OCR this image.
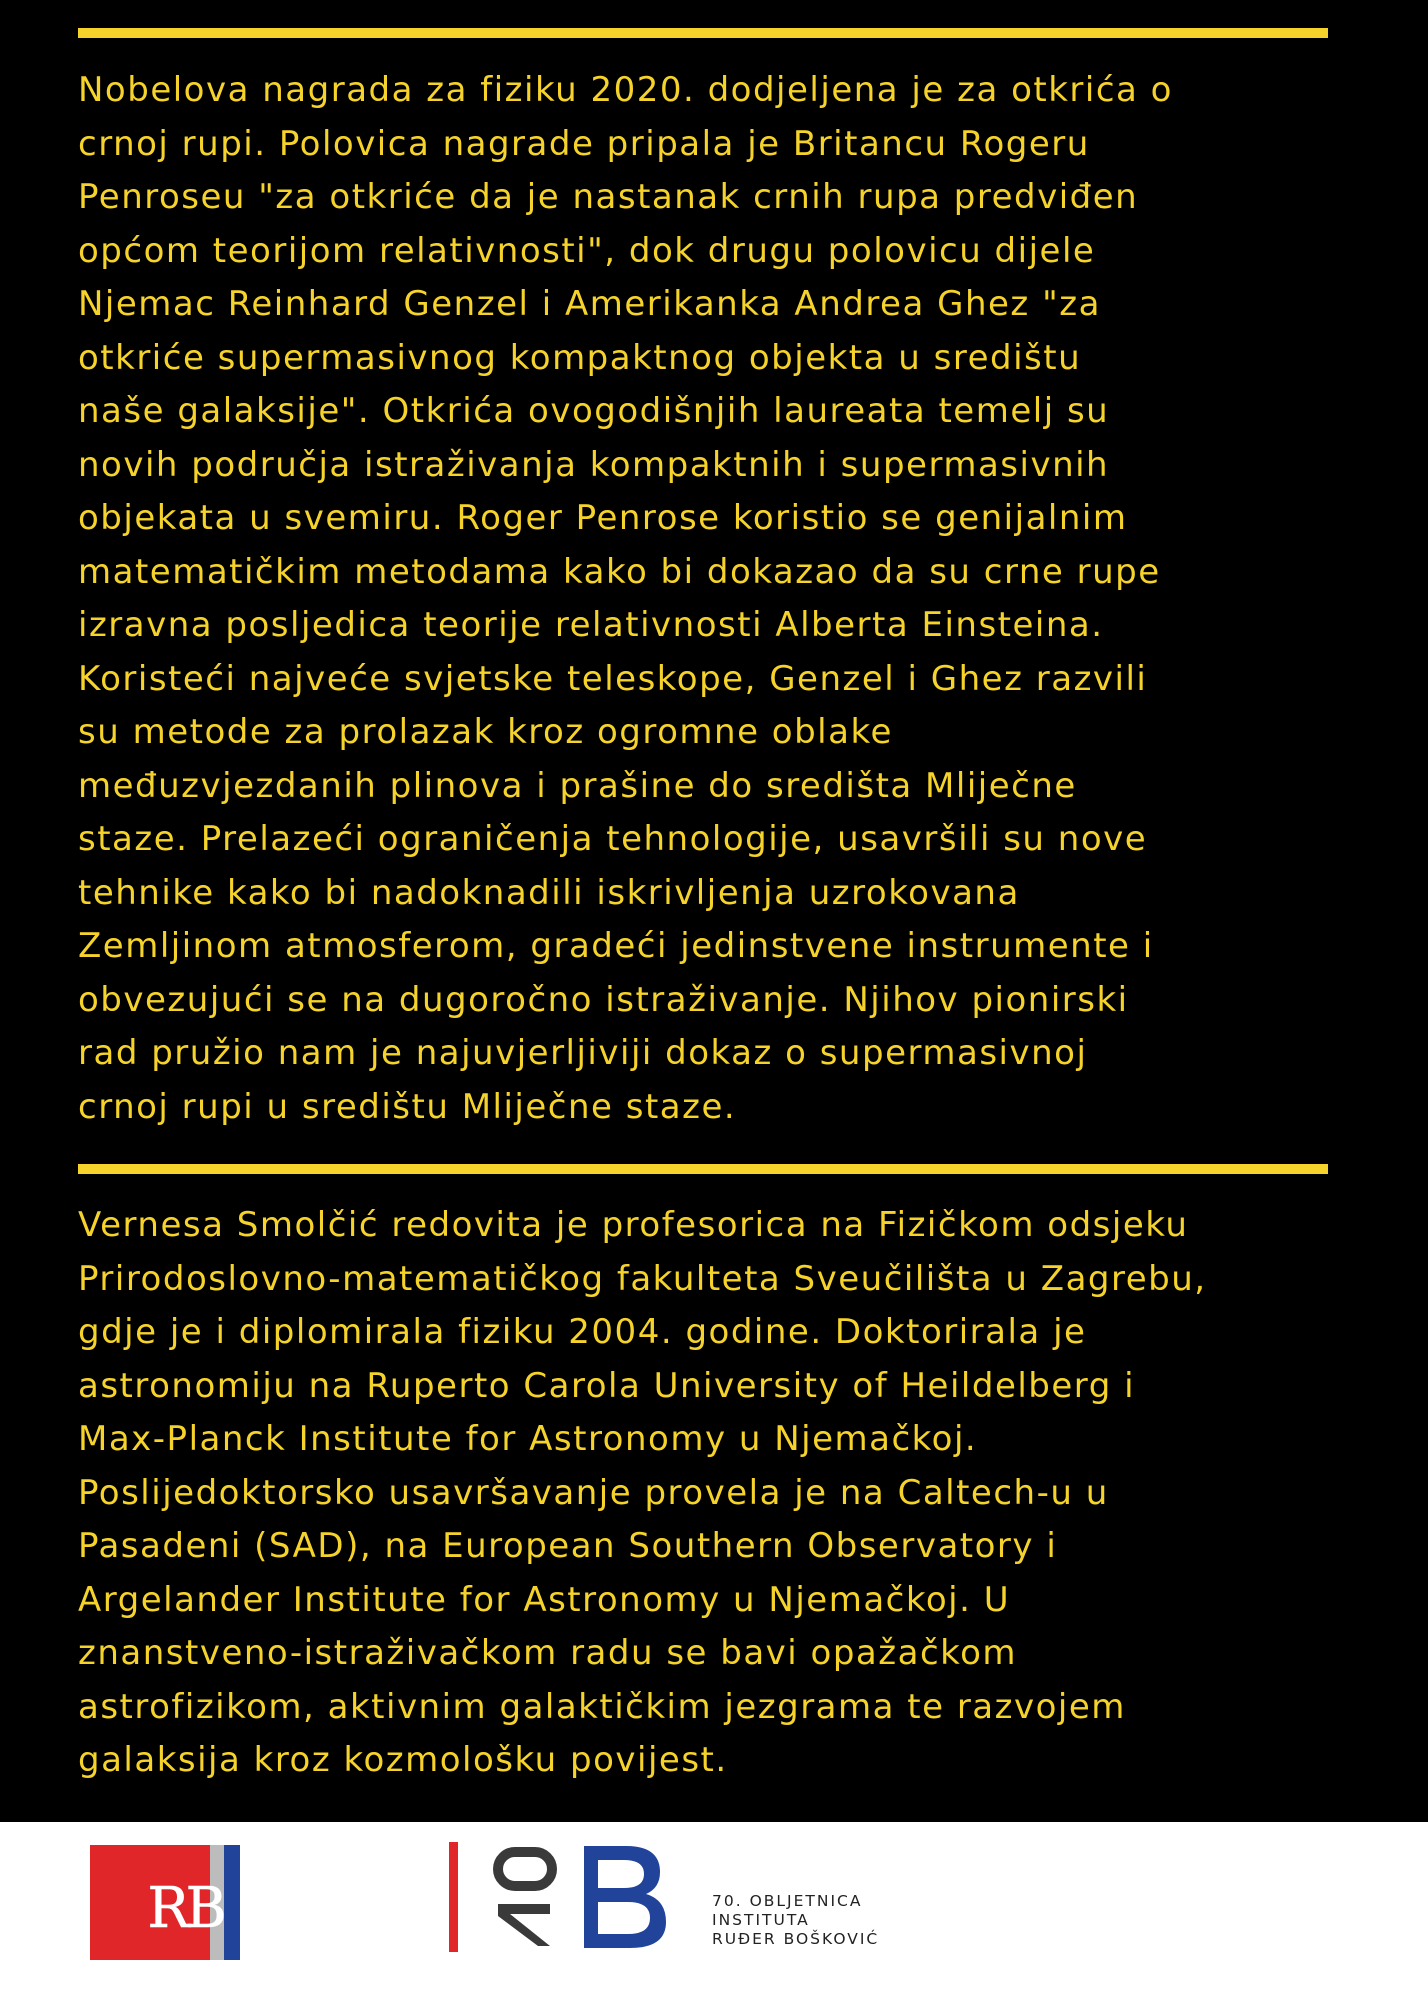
Nobelova nagrada za fiziku 2020. dodjeljena je za otkrića o
crnoj rupi. Polovica nagrade pripala je Britancu Rogeru
Penroseu "za otkriće da je nastanak crnih rupa predviđen
općom teorijom relativnosti", dok drugu polovicu dijele
Njemac Reinhard Genzel i Amerikanka Andrea Ghez "za
otkriće supermasivnog kompaktnog objekta u središtu
naše galaksije". Otkrića ovogodišnjih laureata temelj su
novih područja istraživanja kompaktnih i supermasivnih
objekata u svemiru. Roger Penrose koristio se genijalnim
matematičkim metodama kako bi dokazao da su crne rupe
izravna posljedica teorije relativnosti Alberta Einsteina.
Koristeći najveće svjetske teleskope, Genzel i Ghez razvili
su metode za prolazak kroz ogromne oblake
međuzvjezdanih plinova i prašine do središta Mliječne
staze. Prelazeći ograničenja tehnologije, usavršili su nove
tehnike kako bi nadoknadili iskrivljenja uzrokovana
Zemljinom atmosferom, gradeći jedinstvene instrumente i
obvezujući se na dugoročno istraživanje. Njihov pionirski
rad pružio nam je najuvjerljiviji dokaz o supermasivnoj
crnoj rupi u središtu Mliječne staze.

Vernesa Smolčić redovita je profesorica na Fizičkom odsjeku
Prirodoslovno-matematičkog fakulteta Sveučilišta u Zagrebu,
gdje je i diplomirala fiziku 2004. godine. Doktorirala je
astronomiju na Ruperto Carola University of Heildelberg i
Max-Planck Institute for Astronomy u Njemačkoj.
Poslijedoktorsko usavršavanje provela je na Caltech-u u
Pasadeni (SAD), na European Southern Observatory i
Argelander Institute for Astronomy u Njemačkoj. U
znanstveno-istraživačkom radu se bavi opažačkom
astrofizikom, aktivnim galaktičkim jezgrama te razvojem
galaksija kroz kozmološku povijest.

RB	70. OBLJETNICA
INSTITUTA
RUĐER BOŠKOVIĆ
